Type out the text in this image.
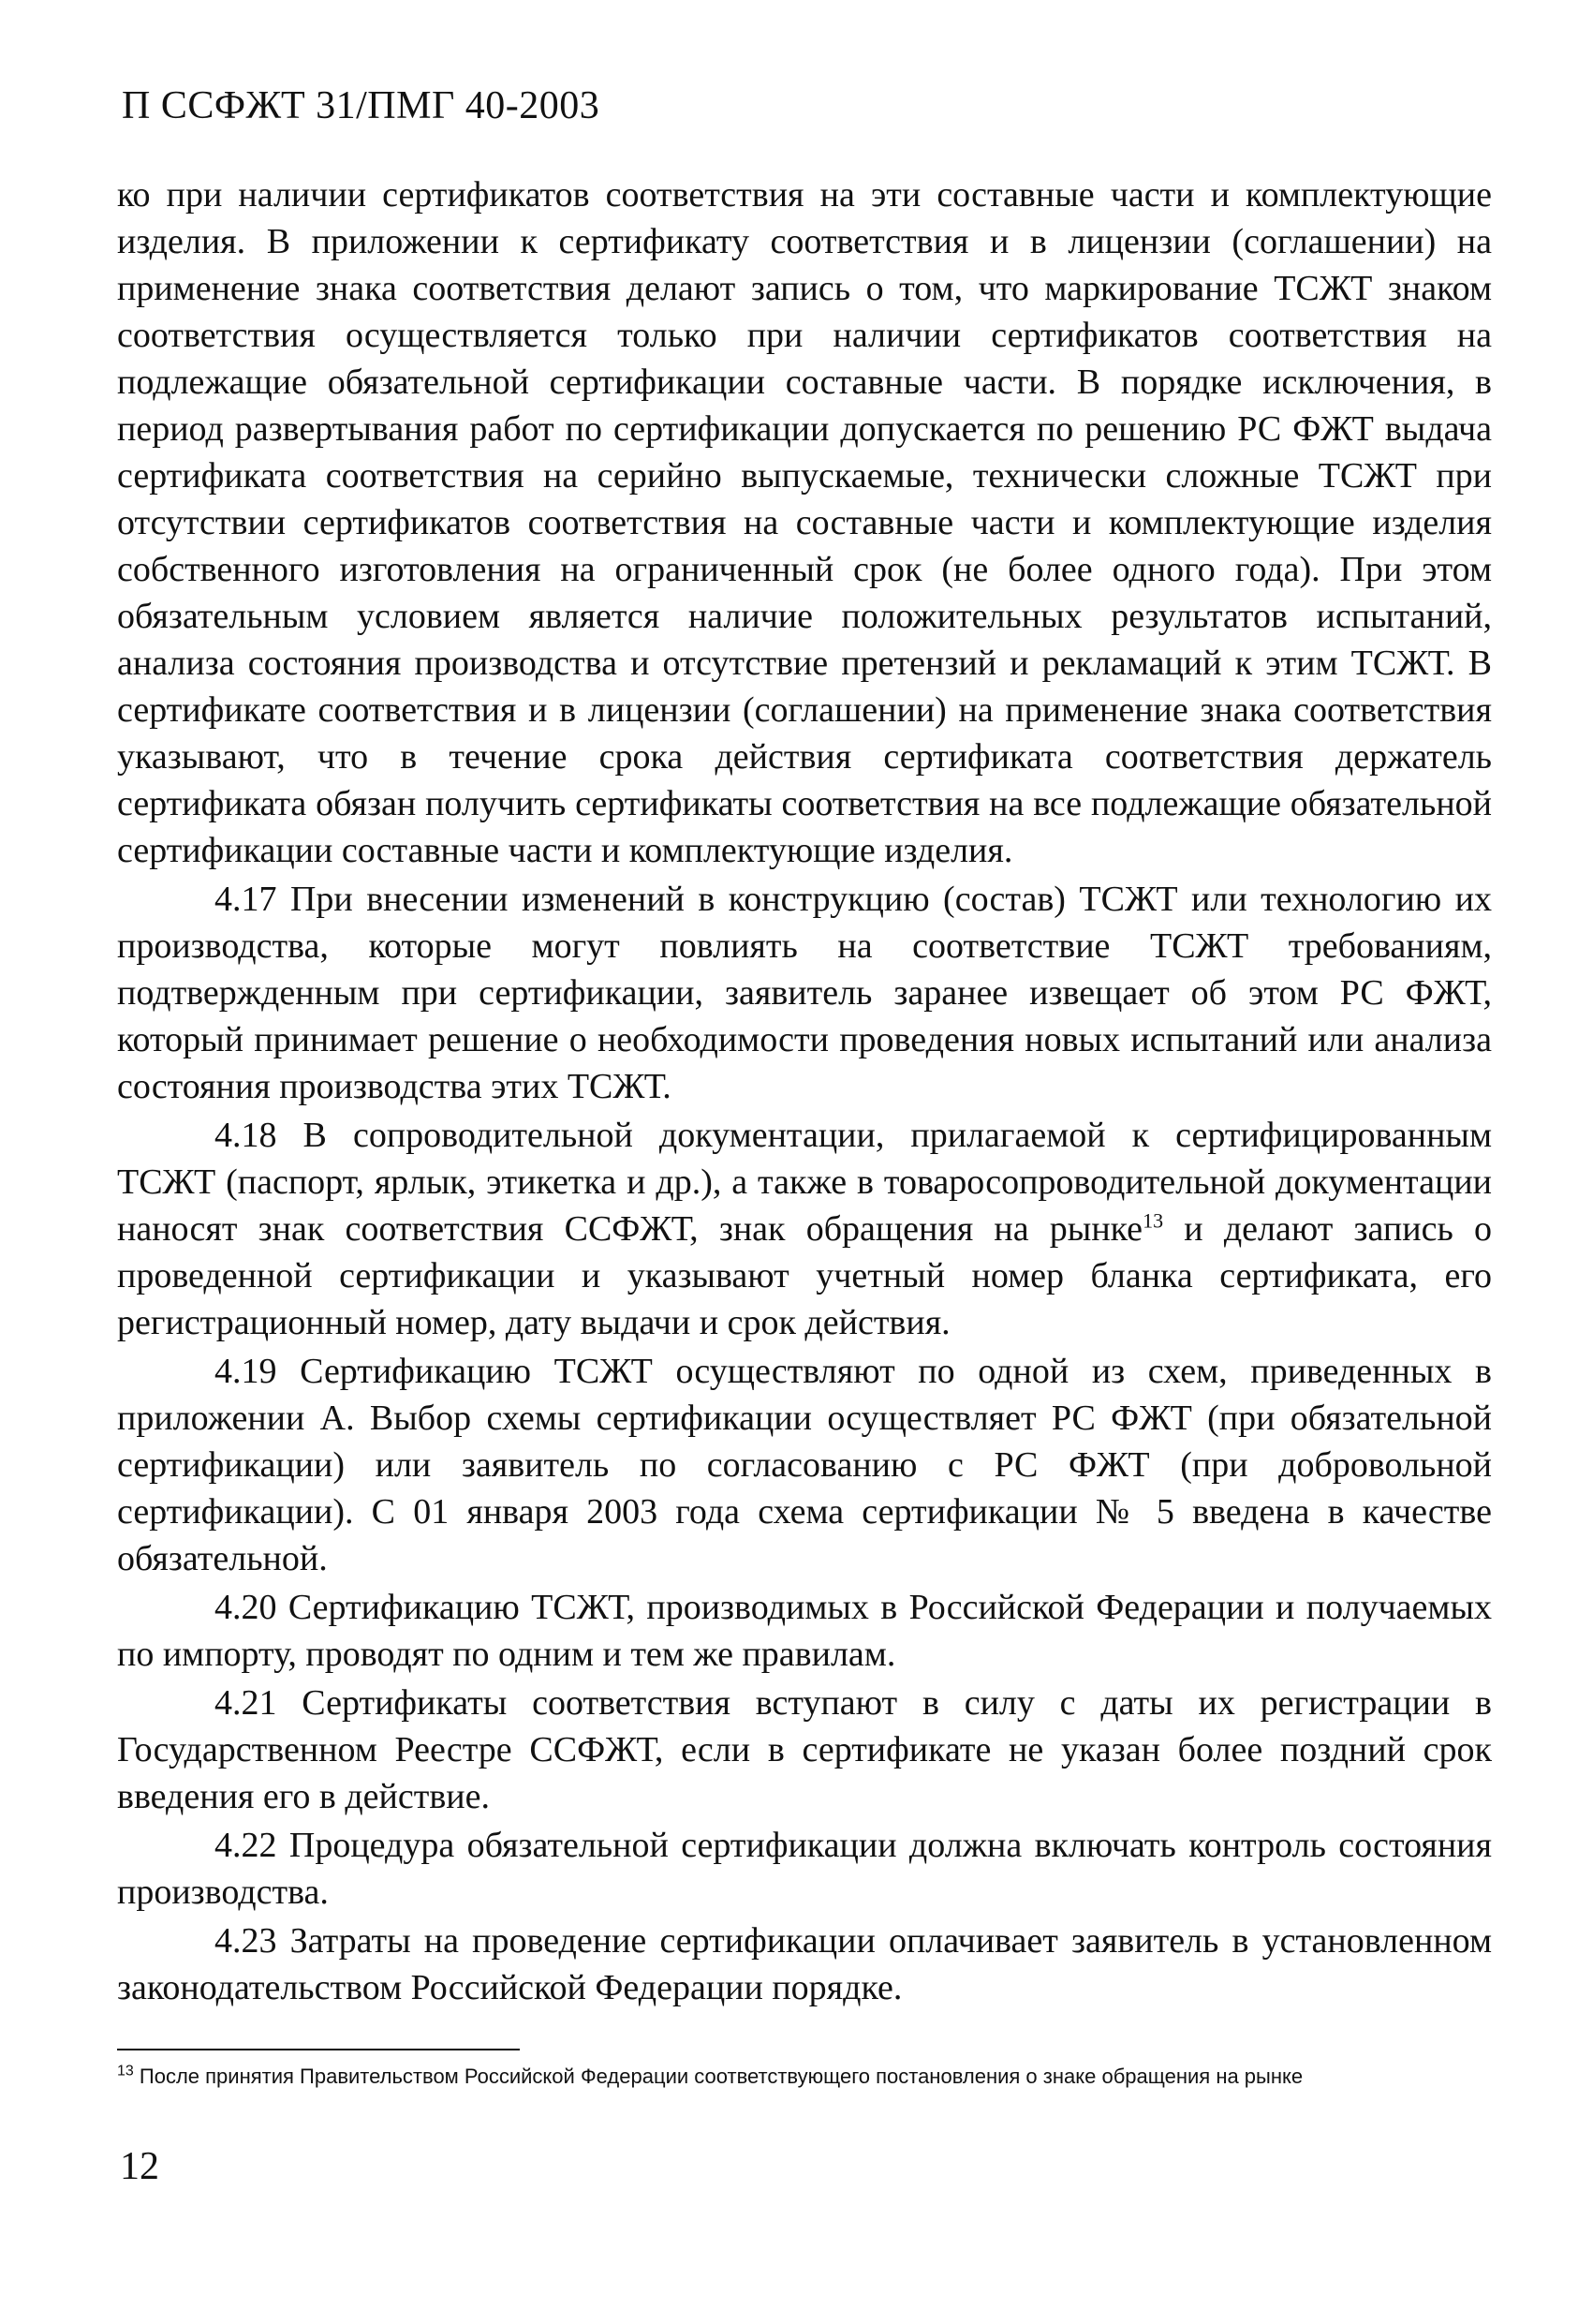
П ССФЖТ 31/ПМГ 40-2003

ко при наличии сертификатов соответствия на эти составные части и комплектующие изделия. В приложении к сертификату соответствия и в лицензии (соглашении) на применение знака соответствия делают запись о том, что маркирование ТСЖТ знаком соответствия осуществляется только при наличии сертификатов соответствия на подлежащие обязательной сертификации составные части. В порядке исключения, в период развертывания работ по сертификации допускается по решению РС ФЖТ выдача сертификата соответствия на серийно выпускаемые, технически сложные ТСЖТ при отсутствии сертификатов соответствия на составные части и комплектующие изделия собственного изготовления на ограниченный срок (не более одного года). При этом обязательным условием является наличие положительных результатов испытаний, анализа состояния производства и отсутствие претензий и рекламаций к этим ТСЖТ. В сертификате соответствия и в лицензии (соглашении) на применение знака соответствия указывают, что в течение срока действия сертификата соответствия держатель сертификата обязан получить сертификаты соответствия на все подлежащие обязательной сертификации составные части и комплектующие изделия.

4.17 При внесении изменений в конструкцию (состав) ТСЖТ или технологию их производства, которые могут повлиять на соответствие ТСЖТ требованиям, подтвержденным при сертификации, заявитель заранее извещает об этом РС ФЖТ, который принимает решение о необходимости проведения новых испытаний или анализа состояния производства этих ТСЖТ.

4.18 В сопроводительной документации, прилагаемой к сертифицированным ТСЖТ (паспорт, ярлык, этикетка и др.), а также в товаросопроводительной документации наносят знак соответствия ССФЖТ, знак обращения на рынке$^{13}$ и делают запись о проведенной сертификации и указывают учетный номер бланка сертификата, его регистрационный номер, дату выдачи и срок действия.

4.19 Сертификацию ТСЖТ осуществляют по одной из схем, приведенных в приложении А. Выбор схемы сертификации осуществляет РС ФЖТ (при обязательной сертификации) или заявитель по согласованию с РС ФЖТ (при добровольной сертификации). С 01 января 2003 года схема сертификации № 5 введена в качестве обязательной.

4.20 Сертификацию ТСЖТ, производимых в Российской Федерации и получаемых по импорту, проводят по одним и тем же правилам.

4.21 Сертификаты соответствия вступают в силу с даты их регистрации в Государственном Реестре ССФЖТ, если в сертификате не указан более поздний срок введения его в действие.

4.22 Процедура обязательной сертификации должна включать контроль состояния производства.

4.23 Затраты на проведение сертификации оплачивает заявитель в установленном законодательством Российской Федерации порядке.

$^{13}$ После принятия Правительством Российской Федерации соответствующего постановления о знаке обращения на рынке
12
